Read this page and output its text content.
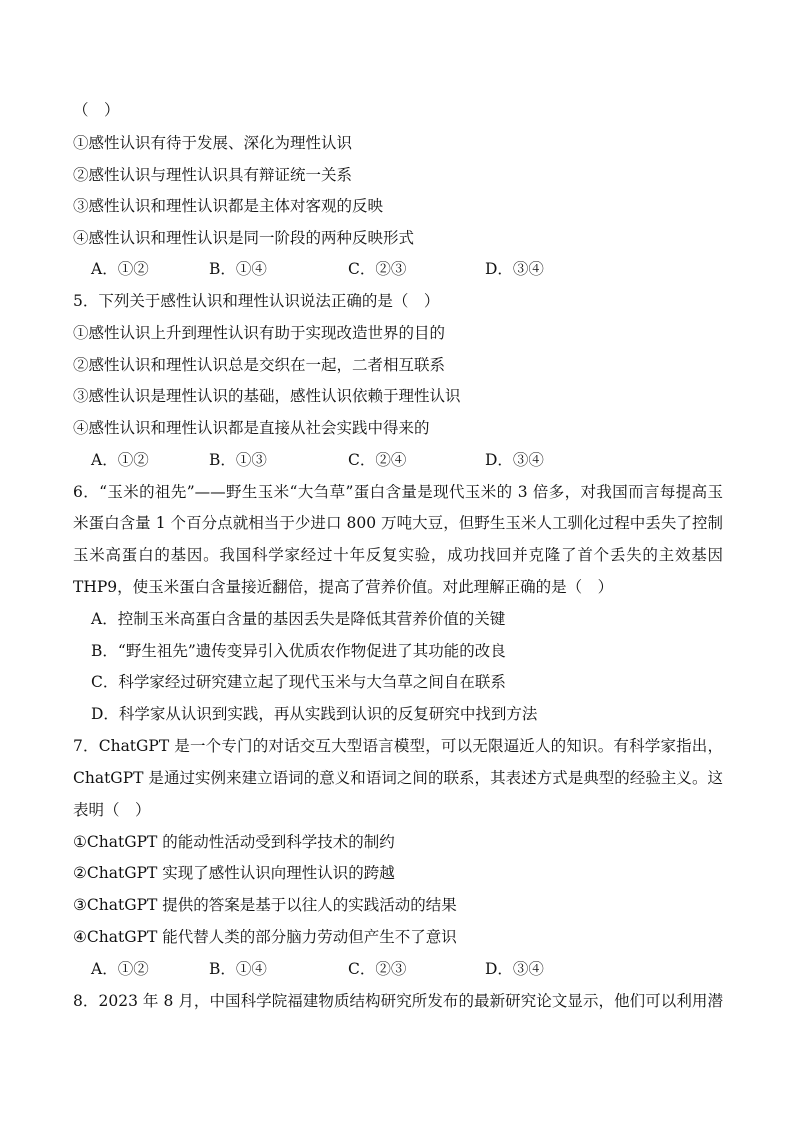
（　）
①感性认识有待于发展、深化为理性认识
②感性认识与理性认识具有辩证统一关系
③感性认识和理性认识都是主体对客观的反映
④感性认识和理性认识是同一阶段的两种反映形式
A．①②	B．①④	C．②③	D．③④
5．下列关于感性认识和理性认识说法正确的是（　）
①感性认识上升到理性认识有助于实现改造世界的目的
②感性认识和理性认识总是交织在一起，二者相互联系
③感性认识是理性认识的基础，感性认识依赖于理性认识
④感性认识和理性认识都是直接从社会实践中得来的
A．①②	B．①③	C．②④	D．③④
6．“玉米的祖先”——野生玉米“大刍草”蛋白含量是现代玉米的 3 倍多，对我国而言每提高玉
米蛋白含量 1 个百分点就相当于少进口 800 万吨大豆，但野生玉米人工驯化过程中丢失了控制
玉米高蛋白的基因。我国科学家经过十年反复实验，成功找回并克隆了首个丢失的主效基因
THP9，使玉米蛋白含量接近翻倍，提高了营养价值。对此理解正确的是（　）
A．控制玉米高蛋白含量的基因丢失是降低其营养价值的关键
B．“野生祖先”遗传变异引入优质农作物促进了其功能的改良
C．科学家经过研究建立起了现代玉米与大刍草之间自在联系
D．科学家从认识到实践，再从实践到认识的反复研究中找到方法
7．ChatGPT 是一个专门的对话交互大型语言模型，可以无限逼近人的知识。有科学家指出，
ChatGPT 是通过实例来建立语词的意义和语词之间的联系，其表述方式是典型的经验主义。这
表明（　）
①ChatGPT 的能动性活动受到科学技术的制约
②ChatGPT 实现了感性认识向理性认识的跨越
③ChatGPT 提供的答案是基于以往人的实践活动的结果
④ChatGPT 能代替人类的部分脑力劳动但产生不了意识
A．①②	B．①④	C．②③	D．③④
8．2023 年 8 月，中国科学院福建物质结构研究所发布的最新研究论文显示，他们可以利用潜
